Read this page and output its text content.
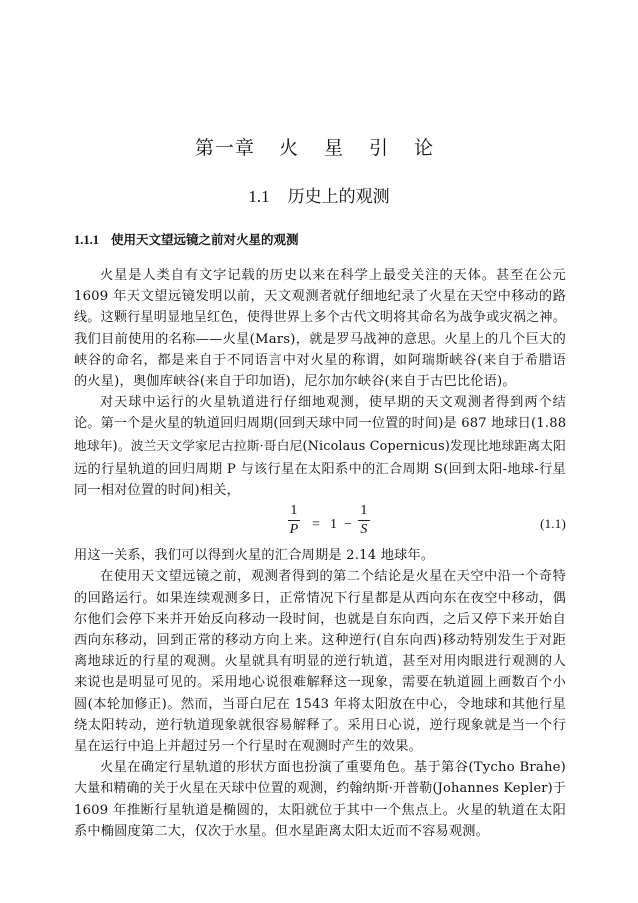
第一章 火 星 引 论
1.1 历史上的观测
1.1.1 使用天文望远镜之前对火星的观测
火星是人类自有文字记载的历史以来在科学上最受关注的天体。甚至在公元
1609 年天文望远镜发明以前，天文观测者就仔细地纪录了火星在天空中移动的路
线。这颗行星明显地呈红色，使得世界上多个古代文明将其命名为战争或灾祸之神。
我们目前使用的名称——火星(Mars)，就是罗马战神的意思。火星上的几个巨大的
峡谷的命名，都是来自于不同语言中对火星的称谓，如阿瑞斯峡谷(来自于希腊语
的火星)，奥伽库峡谷(来自于印加语)，尼尔加尔峡谷(来自于古巴比伦语)。
对天球中运行的火星轨道进行仔细地观测，使早期的天文观测者得到两个结
论。第一个是火星的轨道回归周期(回到天球中同一位置的时间)是 687 地球日(1.88
地球年)。波兰天文学家尼古拉斯·哥白尼(Nicolaus Copernicus)发现比地球距离太阳
远的行星轨道的回归周期 P 与该行星在太阳系中的汇合周期 S(回到太阳-地球-行星
同一相对位置的时间)相关，
1
P = 1 −
1
S	(1.1)
用这一关系，我们可以得到火星的汇合周期是 2.14 地球年。
在使用天文望远镜之前，观测者得到的第二个结论是火星在天空中沿一个奇特
的回路运行。如果连续观测多日，正常情况下行星都是从西向东在夜空中移动，偶
尔他们会停下来并开始反向移动一段时间，也就是自东向西，之后又停下来开始自
西向东移动，回到正常的移动方向上来。这种逆行(自东向西)移动特别发生于对距
离地球近的行星的观测。火星就具有明显的逆行轨道，甚至对用肉眼进行观测的人
来说也是明显可见的。采用地心说很难解释这一现象，需要在轨道圆上画数百个小
圆(本轮加修正)。然而，当哥白尼在 1543 年将太阳放在中心，令地球和其他行星
绕太阳转动，逆行轨道现象就很容易解释了。采用日心说，逆行现象就是当一个行
星在运行中追上并超过另一个行星时在观测时产生的效果。
火星在确定行星轨道的形状方面也扮演了重要角色。基于第谷(Tycho Brahe)
大量和精确的关于火星在天球中位置的观测，约翰纳斯·开普勒(Johannes Kepler)于
1609 年推断行星轨道是椭圆的，太阳就位于其中一个焦点上。火星的轨道在太阳
系中椭圆度第二大，仅次于水星。但水星距离太阳太近而不容易观测。
